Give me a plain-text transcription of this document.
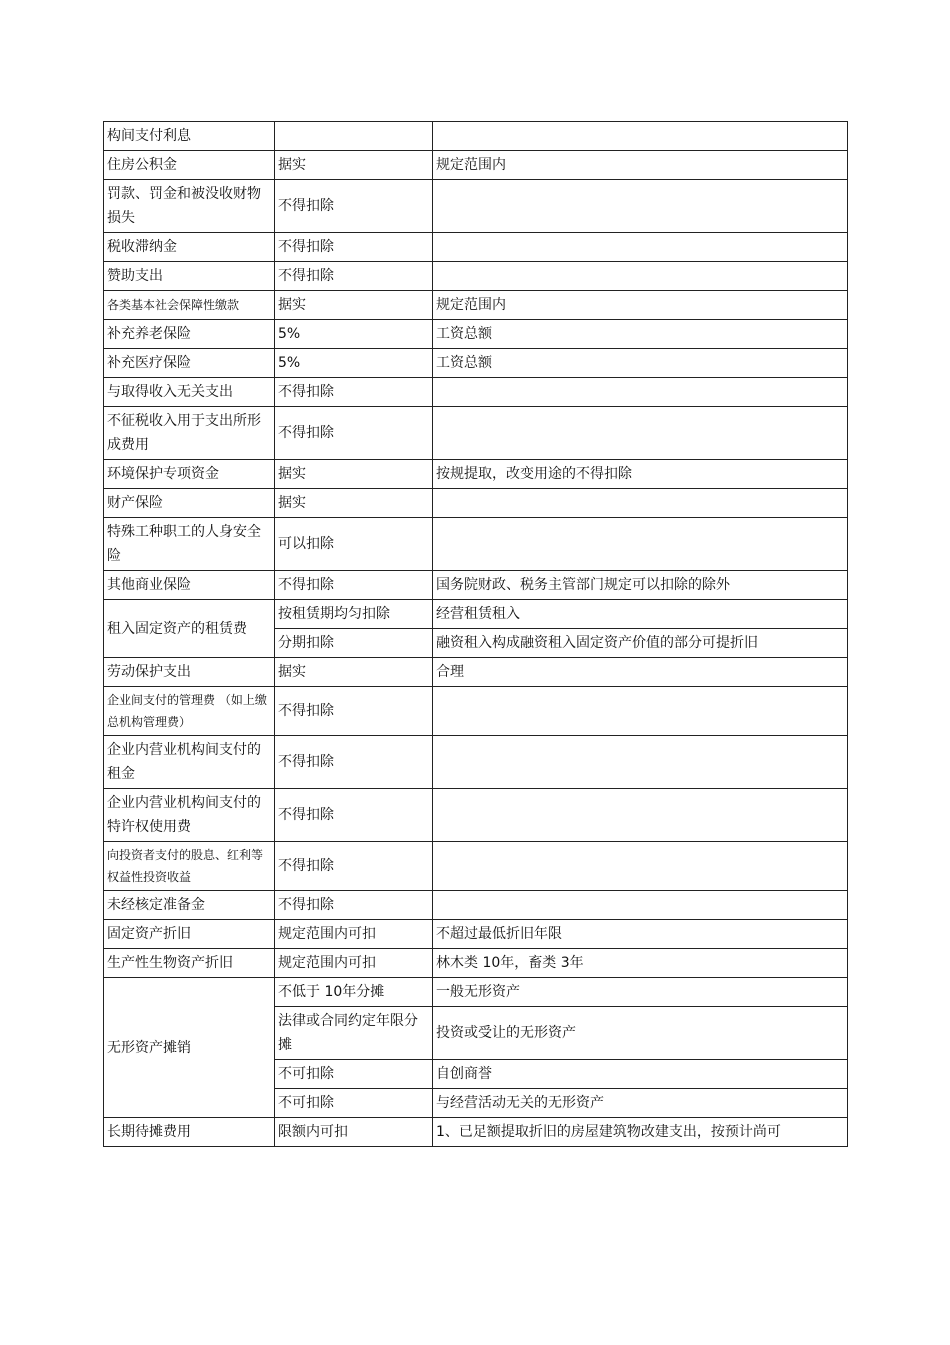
构间支付利息		
住房公积金	据实	规定范围内
罚款、罚金和被没收财物损失	不得扣除	
税收滞纳金	不得扣除	
赞助支出	不得扣除	
各类基本社会保障性缴款	据实	规定范围内
补充养老保险	5%	工资总额
补充医疗保险	5%	工资总额
与取得收入无关支出	不得扣除	
不征税收入用于支出所形成费用	不得扣除	
环境保护专项资金	据实	按规提取，改变用途的不得扣除
财产保险	据实	
特殊工种职工的人身安全险	可以扣除	
其他商业保险	不得扣除	国务院财政、税务主管部门规定可以扣除的除外
租入固定资产的租赁费	按租赁期均匀扣除	经营租赁租入
	分期扣除	融资租入构成融资租入固定资产价值的部分可提折旧
劳动保护支出	据实	合理
企业间支付的管理费 （如上缴总机构管理费）	不得扣除	
企业内营业机构间支付的租金	不得扣除	
企业内营业机构间支付的特许权使用费	不得扣除	
向投资者支付的股息、红利等权益性投资收益	不得扣除	
未经核定准备金	不得扣除	
固定资产折旧	规定范围内可扣	不超过最低折旧年限
生产性生物资产折旧	规定范围内可扣	林木类 10年，畜类 3年
无形资产摊销	不低于 10年分摊	一般无形资产
	法律或合同约定年限分摊	投资或受让的无形资产
	不可扣除	自创商誉
	不可扣除	与经营活动无关的无形资产
长期待摊费用	限额内可扣	1、已足额提取折旧的房屋建筑物改建支出，按预计尚可
